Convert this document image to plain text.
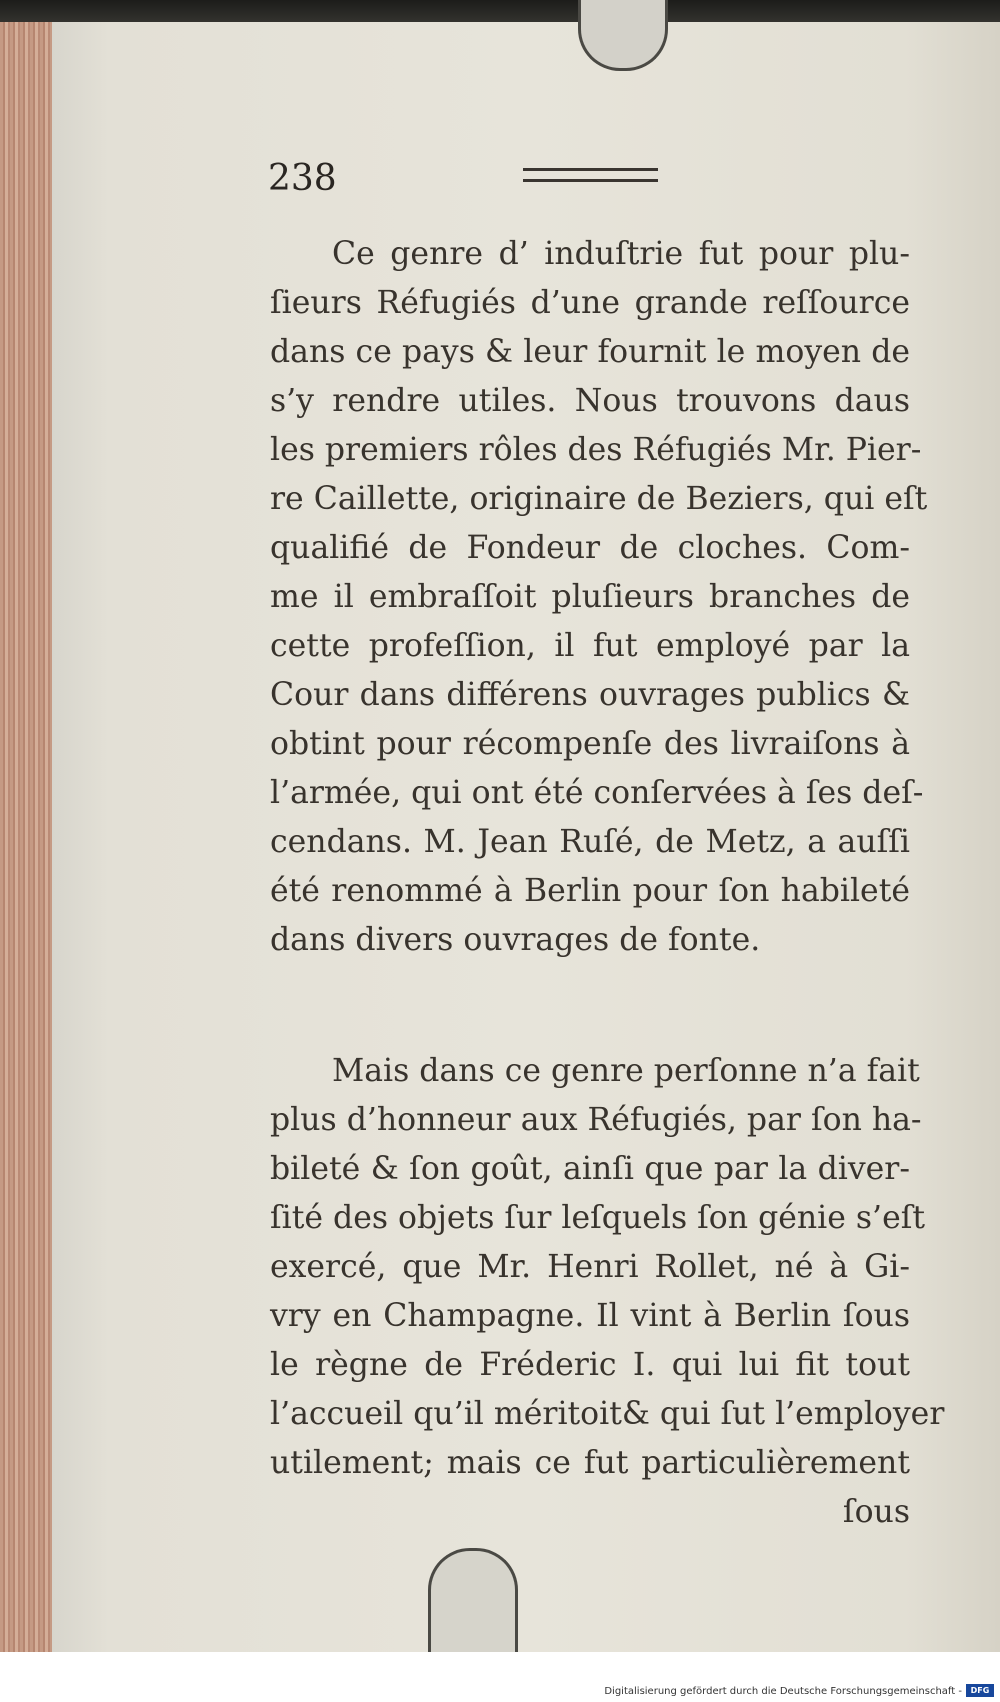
238
Ce genre d’ induſtrie fut pour plu-
ſieurs Réfugiés d’une grande reſſource
dans ce pays & leur fournit le moyen de
s’y rendre utiles. Nous trouvons daus
les premiers rôles des Réfugiés Mr. Pier-
re Caillette, originaire de Beziers, qui eſt
qualifié de Fondeur de cloches. Com-
me il embraſſoit pluſieurs branches de
cette profeſſion, il fut employé par la
Cour dans différens ouvrages publics &
obtint pour récompenſe des livraiſons à
l’armée, qui ont été conſervées à ſes deſ-
cendans. M. Jean Ruſé, de Metz, a auſſi
été renommé à Berlin pour ſon habileté
dans divers ouvrages de fonte.
Mais dans ce genre perſonne n’a fait
plus d’honneur aux Réfugiés, par ſon ha-
bileté & ſon goût, ainſi que par la diver-
ſité des objets ſur leſquels ſon génie s’eſt
exercé, que Mr. Henri Rollet, né à Gi-
vry en Champagne. Il vint à Berlin ſous
le règne de Fréderic I. qui lui fit tout
l’accueil qu’il méritoit& qui ſut l’employer
utilement; mais ce fut particulièrement
ſous
Digitalisierung gefördert durch die Deutsche Forschungsgemeinschaft -	DFG
